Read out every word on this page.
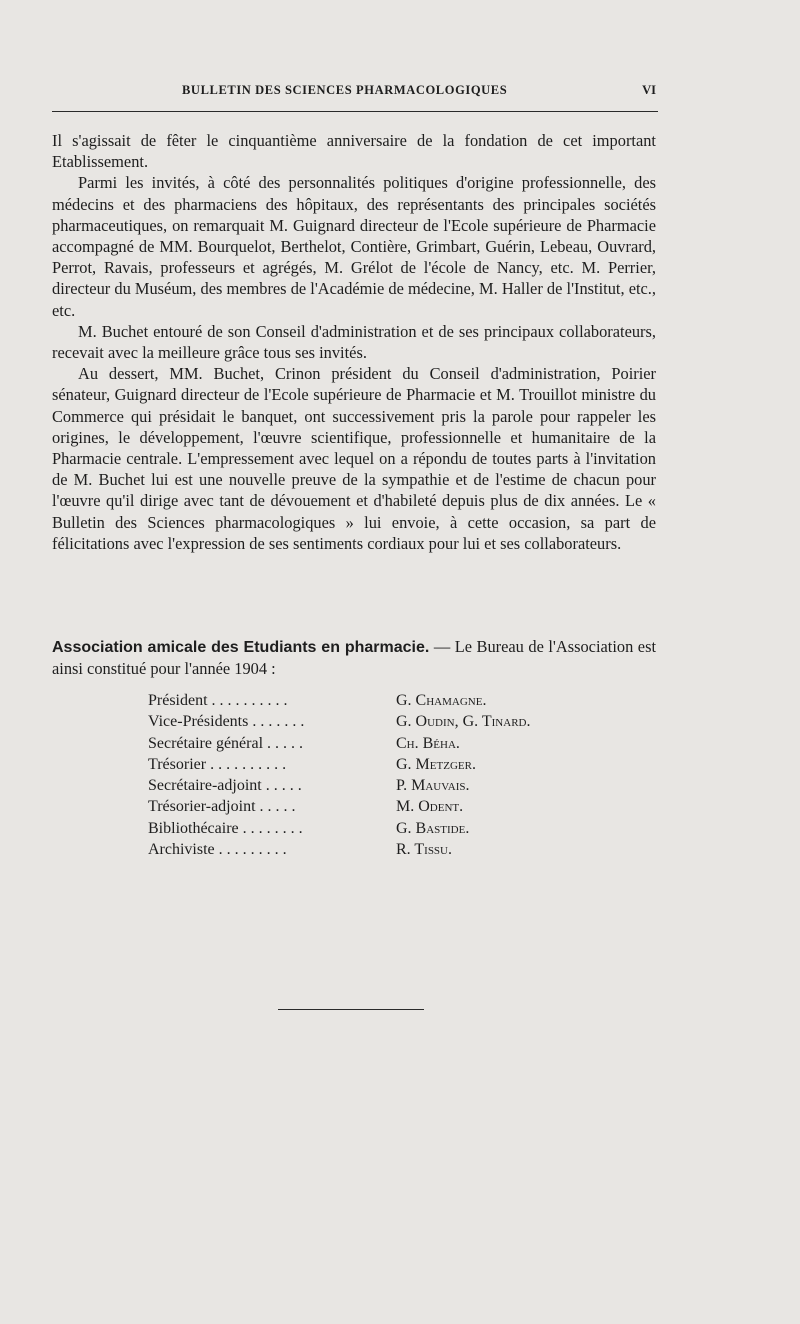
BULLETIN DES SCIENCES PHARMACOLOGIQUES	VI

Il s'agissait de fêter le cinquantième anniversaire de la fondation de cet important Etablissement.

Parmi les invités, à côté des personnalités politiques d'origine professionnelle, des médecins et des pharmaciens des hôpitaux, des représentants des principales sociétés pharmaceutiques, on remarquait M. Guignard directeur de l'Ecole supérieure de Pharmacie accompagné de MM. Bourquelot, Berthelot, Contière, Grimbart, Guérin, Lebeau, Ouvrard, Perrot, Ravais, professeurs et agrégés, M. Grélot de l'école de Nancy, etc. M. Perrier, directeur du Muséum, des membres de l'Académie de médecine, M. Haller de l'Institut, etc., etc.

M. Buchet entouré de son Conseil d'administration et de ses principaux collaborateurs, recevait avec la meilleure grâce tous ses invités.

Au dessert, MM. Buchet, Crinon président du Conseil d'administration, Poirier sénateur, Guignard directeur de l'Ecole supérieure de Pharmacie et M. Trouillot ministre du Commerce qui présidait le banquet, ont successivement pris la parole pour rappeler les origines, le développement, l'œuvre scientifique, professionnelle et humanitaire de la Pharmacie centrale. L'empressement avec lequel on a répondu de toutes parts à l'invitation de M. Buchet lui est une nouvelle preuve de la sympathie et de l'estime de chacun pour l'œuvre qu'il dirige avec tant de dévouement et d'habileté depuis plus de dix années. Le « Bulletin des Sciences pharmacologiques » lui envoie, à cette occasion, sa part de félicitations avec l'expression de ses sentiments cordiaux pour lui et ses collaborateurs.

Association amicale des Etudiants en pharmacie. — Le Bureau de l'Association est ainsi constitué pour l'année 1904 :
Président . . . . . . . . . .	G. Chamagne.
Vice-Présidents . . . . . . .	G. Oudin, G. Tinard.
Secrétaire général . . . . .	Ch. Béha.
Trésorier . . . . . . . . . .	G. Metzger.
Secrétaire-adjoint . . . . .	P. Mauvais.
Trésorier-adjoint . . . . .	M. Odent.
Bibliothécaire . . . . . . . .	G. Bastide.
Archiviste . . . . . . . . .	R. Tissu.
